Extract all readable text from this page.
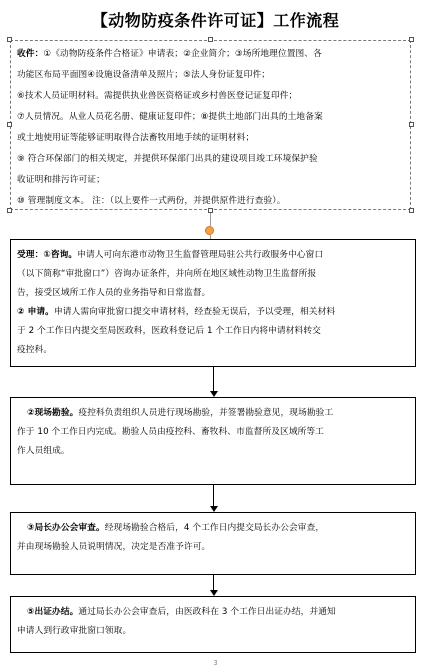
【动物防疫条件许可证】工作流程

收件：①《动物防疫条件合格证》申请表；②企业简介；③场所地理位置图、各

功能区布局平面图④设施设备清单及照片；⑤法人身份证复印件；

⑥技术人员证明材料。需提供执业兽医资格证或乡村兽医登记证复印件；

⑦人员情况。从业人员花名册、健康证复印件；⑧提供土地部门出具的土地备案

或土地使用证等能够证明取得合法畜牧用地手续的证明材料；

⑨ 符合环保部门的相关规定，并提供环保部门出具的建设项目竣工环境保护验

收证明和排污许可证；

⑩ 管理制度文本。 注：（以上要件一式两份，并提供原件进行查验）。

受理：①咨询。申请人可向东港市动物卫生监督管理局驻公共行政服务中心窗口

（以下简称“审批窗口”）咨询办证条件，并向所在地区域性动物卫生监督所报

告，接受区域所工作人员的业务指导和日常监督。

② 申请。申请人需向审批窗口提交申请材料，经查验无误后，予以受理，相关材料

于 2 个工作日内提交至局医政科，医政科登记后 1 个工作日内将申请材料转交

疫控科。

②现场勘验。疫控科负责组织人员进行现场勘验，并签署勘验意见，现场勘验工

作于 10 个工作日内完成。勘验人员由疫控科、畜牧科、市监督所及区域所等工

作人员组成。

③局长办公会审查。经现场勘验合格后，4 个工作日内提交局长办公会审查，

并由现场勘验人员说明情况，决定是否准予许可。

⑤出证办结。通过局长办公会审查后，由医政科在 3 个工作日出证办结，并通知

申请人到行政审批窗口领取。

3
